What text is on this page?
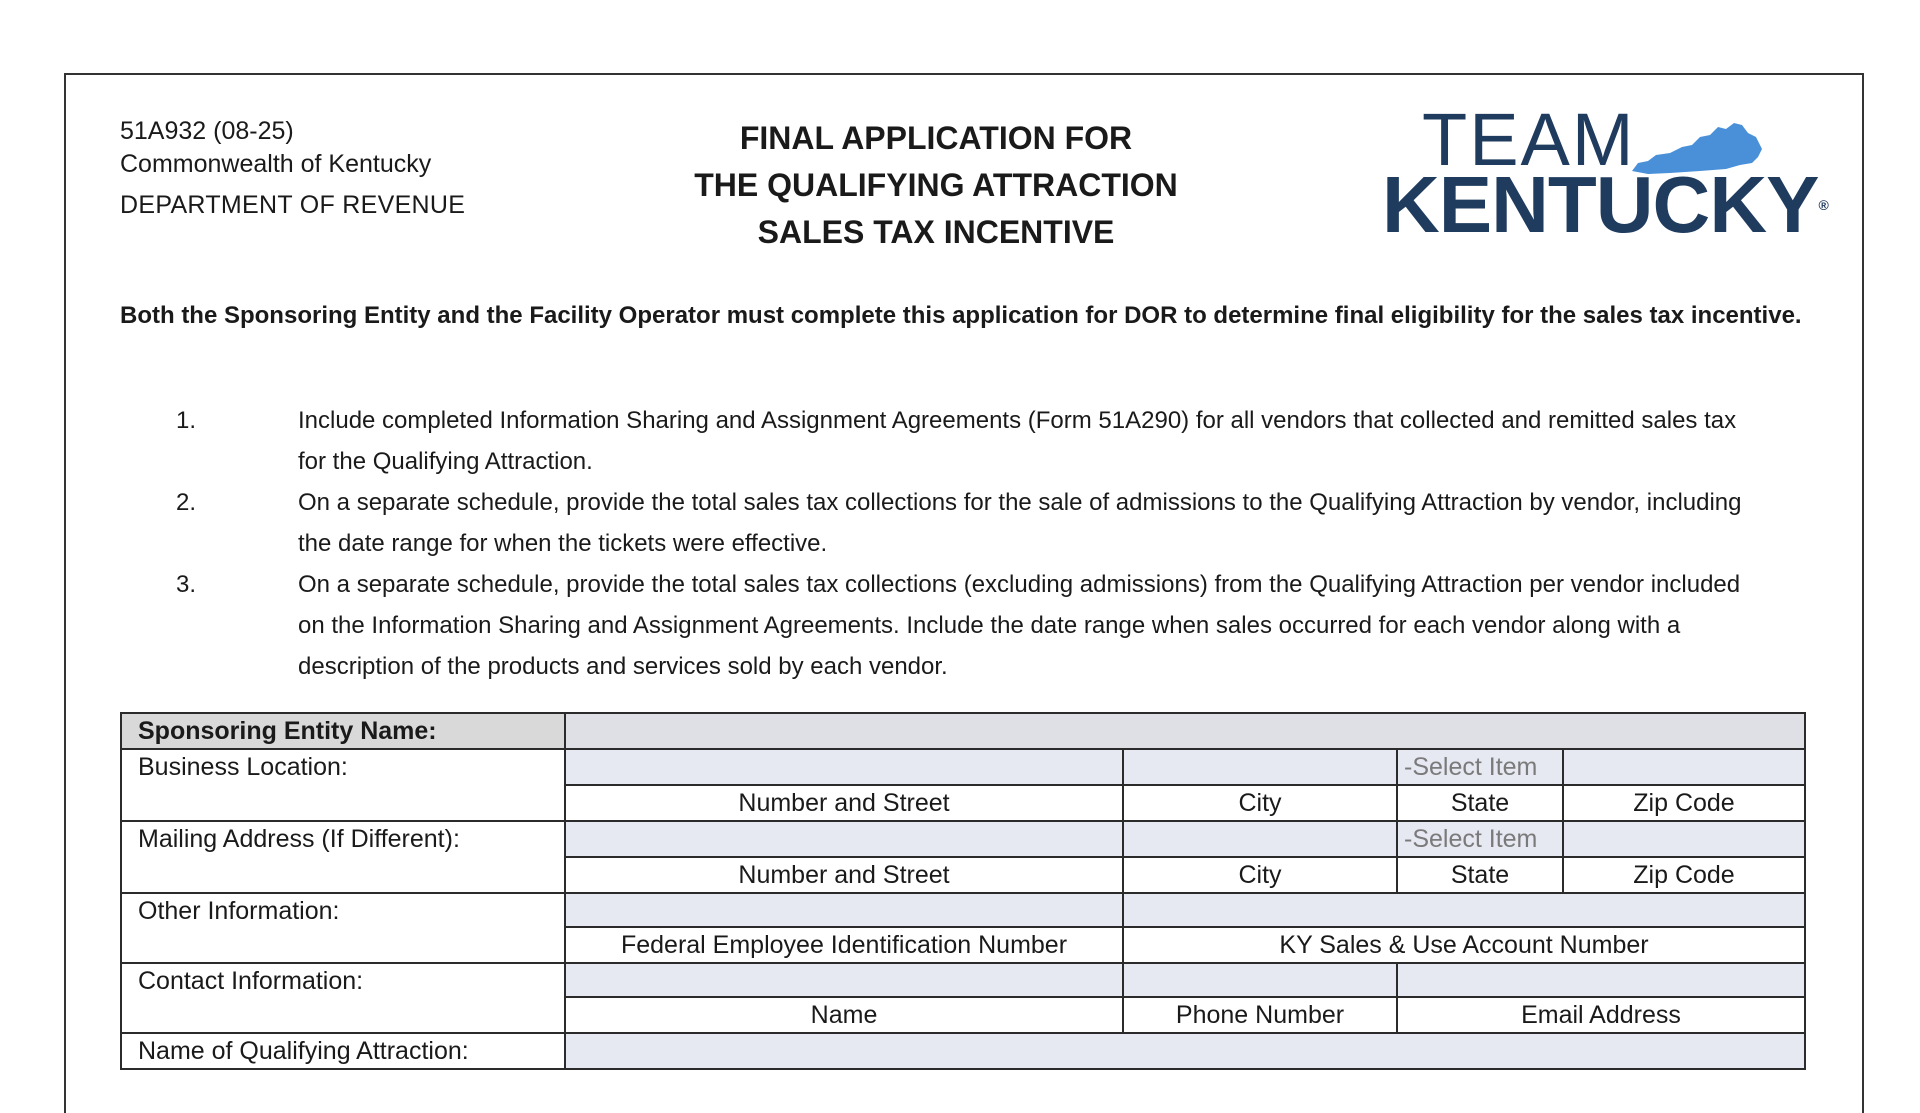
51A932 (08-25)
Commonwealth of Kentucky
DEPARTMENT OF REVENUE
FINAL APPLICATION FOR
THE QUALIFYING ATTRACTION
SALES TAX INCENTIVE
TEAM
KENTUCKY®
Both the Sponsoring Entity and the Facility Operator must complete this application for DOR to determine final eligibility for the sales tax incentive.
1.	Include completed Information Sharing and Assignment Agreements (Form 51A290) for all vendors that collected and remitted sales tax for the Qualifying Attraction.
2.	On a separate schedule, provide the total sales tax collections for the sale of admissions to the Qualifying Attraction by vendor, including the date range for when the tickets were effective.
3.	On a separate schedule, provide the total sales tax collections (excluding admissions) from the Qualifying Attraction per vendor included on the Information Sharing and Assignment Agreements. Include the date range when sales occurred for each vendor along with a description of the products and services sold by each vendor.
Sponsoring Entity Name:				
Business Location:			-Select Item	
	Number and Street	City	State	Zip Code
Mailing Address (If Different):			-Select Item	
	Number and Street	City	State	Zip Code
Other Information:				
	Federal Employee Identification Number	KY Sales & Use Account Number		
Contact Information:				
	Name	Phone Number	Email Address	
Name of Qualifying Attraction:				
